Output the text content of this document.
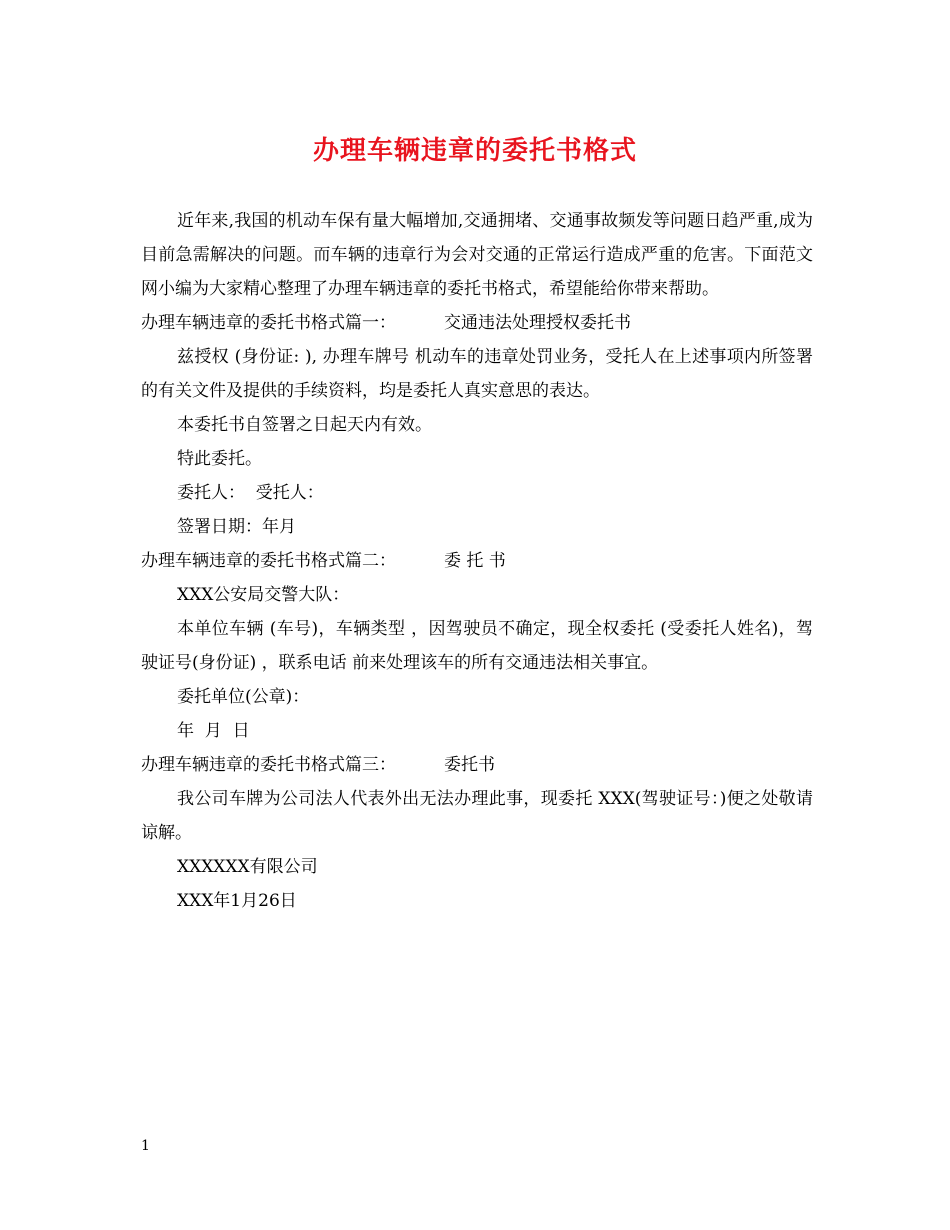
办理车辆违章的委托书格式

近年来,我国的机动车保有量大幅增加,交通拥堵、交通事故频发等问题日趋严重,成为目前急需解决的问题。而车辆的违章行为会对交通的正常运行造成严重的危害。下面范文网小编为大家精心整理了办理车辆违章的委托书格式，希望能给你带来帮助。

办理车辆违章的委托书格式篇一：	交通违法处理授权委托书

兹授权 (身份证: ), 办理车牌号 机动车的违章处罚业务，受托人在上述事项内所签署的有关文件及提供的手续资料，均是委托人真实意思的表达。

本委托书自签署之日起天内有效。

特此委托。

委托人：  受托人：

签署日期：年月

办理车辆违章的委托书格式篇二：	委 托 书

XXX公安局交警大队：

本单位车辆 (车号)，车辆类型 ，因驾驶员不确定，现全权委托 (受委托人姓名)，驾驶证号(身份证) ，联系电话 前来处理该车的所有交通违法相关事宜。

委托单位(公章)：

年  月  日

办理车辆违章的委托书格式篇三：	委托书

我公司车牌为公司法人代表外出无法办理此事，现委托 XXX(驾驶证号：)便之处敬请谅解。

XXXXXX有限公司

XXX年1月26日

1
